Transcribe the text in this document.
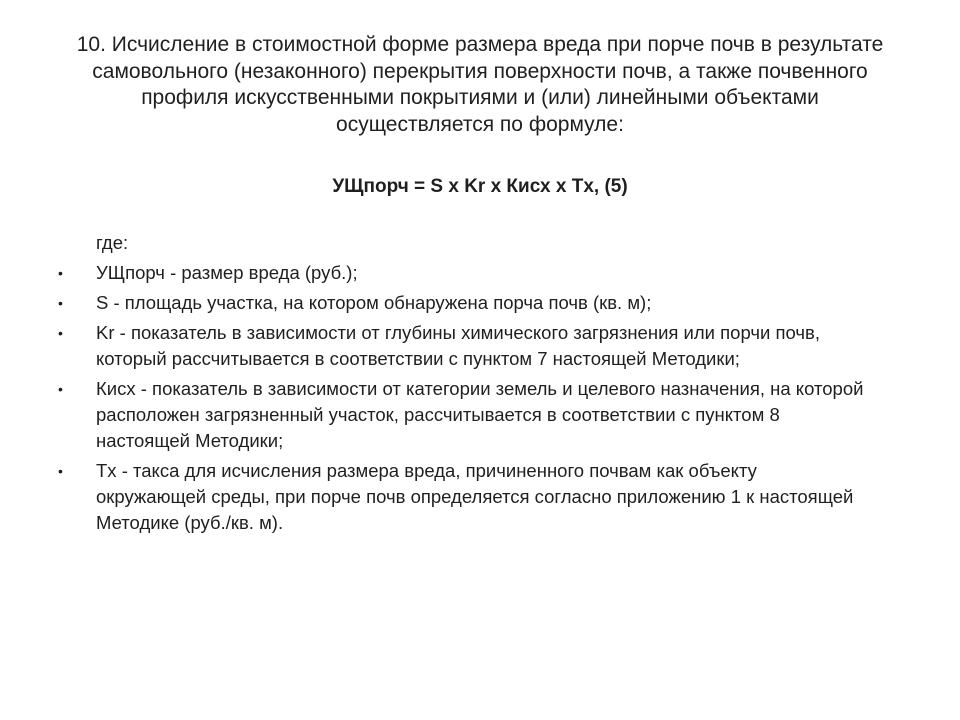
10. Исчисление в стоимостной форме размера вреда при порче почв в результате
самовольного (незаконного) перекрытия поверхности почв, а также почвенного
профиля искусственными покрытиями и (или) линейными объектами
осуществляется по формуле:
УЩпорч = S x Kr x Кисх x Tx, (5)
где:
• УЩпорч - размер вреда (руб.);
• S - площадь участка, на котором обнаружена порча почв (кв. м);
• Kr - показатель в зависимости от глубины химического загрязнения или порчи почв,
который рассчитывается в соответствии с пунктом 7 настоящей Методики;
• Кисх - показатель в зависимости от категории земель и целевого назначения, на которой
расположен загрязненный участок, рассчитывается в соответствии с пунктом 8
настоящей Методики;
• Tx - такса для исчисления размера вреда, причиненного почвам как объекту
окружающей среды, при порче почв определяется согласно приложению 1 к настоящей
Методике (руб./кв. м).
